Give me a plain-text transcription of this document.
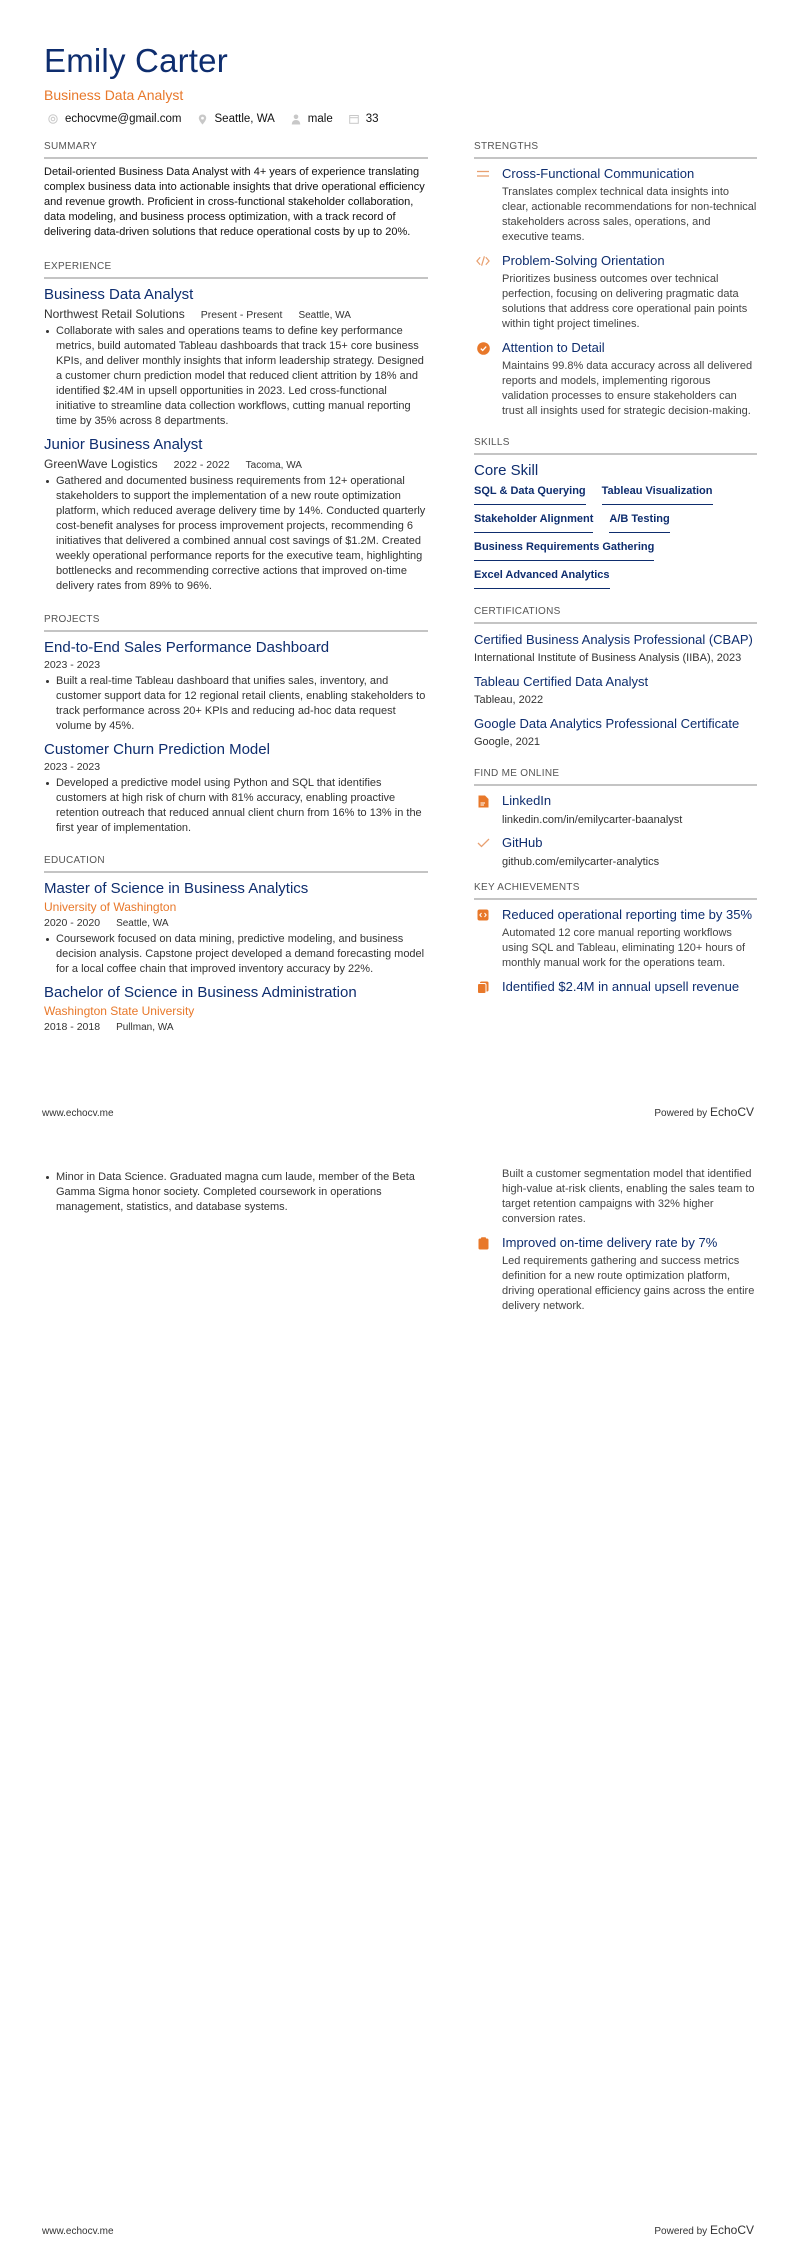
Emily Carter
Business Data Analyst
echocvme@gmail.com	Seattle, WA	male	33
SUMMARY

Detail-oriented Business Data Analyst with 4+ years of experience translating complex business data into actionable insights that drive operational efficiency and revenue growth. Proficient in cross-functional stakeholder collaboration, data modeling, and business process optimization, with a track record of delivering data-driven solutions that reduce operational costs by up to 20%.

EXPERIENCE
Business Data Analyst
Northwest Retail Solutions Present - Present Seattle, WA
Collaborate with sales and operations teams to define key performance metrics, build automated Tableau dashboards that track 15+ core business KPIs, and deliver monthly insights that inform leadership strategy. Designed a customer churn prediction model that reduced client attrition by 18% and identified $2.4M in upsell opportunities in 2023. Led cross-functional initiative to streamline data collection workflows, cutting manual reporting time by 35% across 8 departments.
Junior Business Analyst
GreenWave Logistics 2022 - 2022 Tacoma, WA
Gathered and documented business requirements from 12+ operational stakeholders to support the implementation of a new route optimization platform, which reduced average delivery time by 14%. Conducted quarterly cost-benefit analyses for process improvement projects, recommending 6 initiatives that delivered a combined annual cost savings of $1.2M. Created weekly operational performance reports for the executive team, highlighting bottlenecks and recommending corrective actions that improved on-time delivery rates from 89% to 96%.
PROJECTS
End-to-End Sales Performance Dashboard
2023 - 2023
Built a real-time Tableau dashboard that unifies sales, inventory, and customer support data for 12 regional retail clients, enabling stakeholders to track performance across 20+ KPIs and reducing ad-hoc data request volume by 45%.
Customer Churn Prediction Model
2023 - 2023
Developed a predictive model using Python and SQL that identifies customers at high risk of churn with 81% accuracy, enabling proactive retention outreach that reduced annual client churn from 16% to 13% in the first year of implementation.
EDUCATION
Master of Science in Business Analytics
University of Washington
2020 - 2020 Seattle, WA
Coursework focused on data mining, predictive modeling, and business decision analysis. Capstone project developed a demand forecasting model for a local coffee chain that improved inventory accuracy by 22%.
Bachelor of Science in Business Administration
Washington State University
2018 - 2018 Pullman, WA
STRENGTHS
Cross-Functional Communication
Translates complex technical data insights into clear, actionable recommendations for non-technical stakeholders across sales, operations, and executive teams.
Problem-Solving Orientation
Prioritizes business outcomes over technical perfection, focusing on delivering pragmatic data solutions that address core operational pain points within tight project timelines.
Attention to Detail
Maintains 99.8% data accuracy across all delivered reports and models, implementing rigorous validation processes to ensure stakeholders can trust all insights used for strategic decision-making.
SKILLS
Core Skill
SQL & Data Querying Tableau Visualization
Stakeholder Alignment A/B Testing
Business Requirements Gathering
Excel Advanced Analytics
CERTIFICATIONS
Certified Business Analysis Professional (CBAP)
International Institute of Business Analysis (IIBA), 2023
Tableau Certified Data Analyst
Tableau, 2022
Google Data Analytics Professional Certificate
Google, 2021
FIND ME ONLINE
LinkedIn
linkedin.com/in/emilycarter-baanalyst
GitHub
github.com/emilycarter-analytics
KEY ACHIEVEMENTS
Reduced operational reporting time by 35%
Automated 12 core manual reporting workflows using SQL and Tableau, eliminating 120+ hours of monthly manual work for the operations team.
Identified $2.4M in annual upsell revenue
www.echocv.me	Powered by EchoCV
Minor in Data Science. Graduated magna cum laude, member of the Beta Gamma Sigma honor society. Completed coursework in operations management, statistics, and database systems.
Built a customer segmentation model that identified high-value at-risk clients, enabling the sales team to target retention campaigns with 32% higher conversion rates.
Improved on-time delivery rate by 7%
Led requirements gathering and success metrics definition for a new route optimization platform, driving operational efficiency gains across the entire delivery network.
www.echocv.me	Powered by EchoCV
